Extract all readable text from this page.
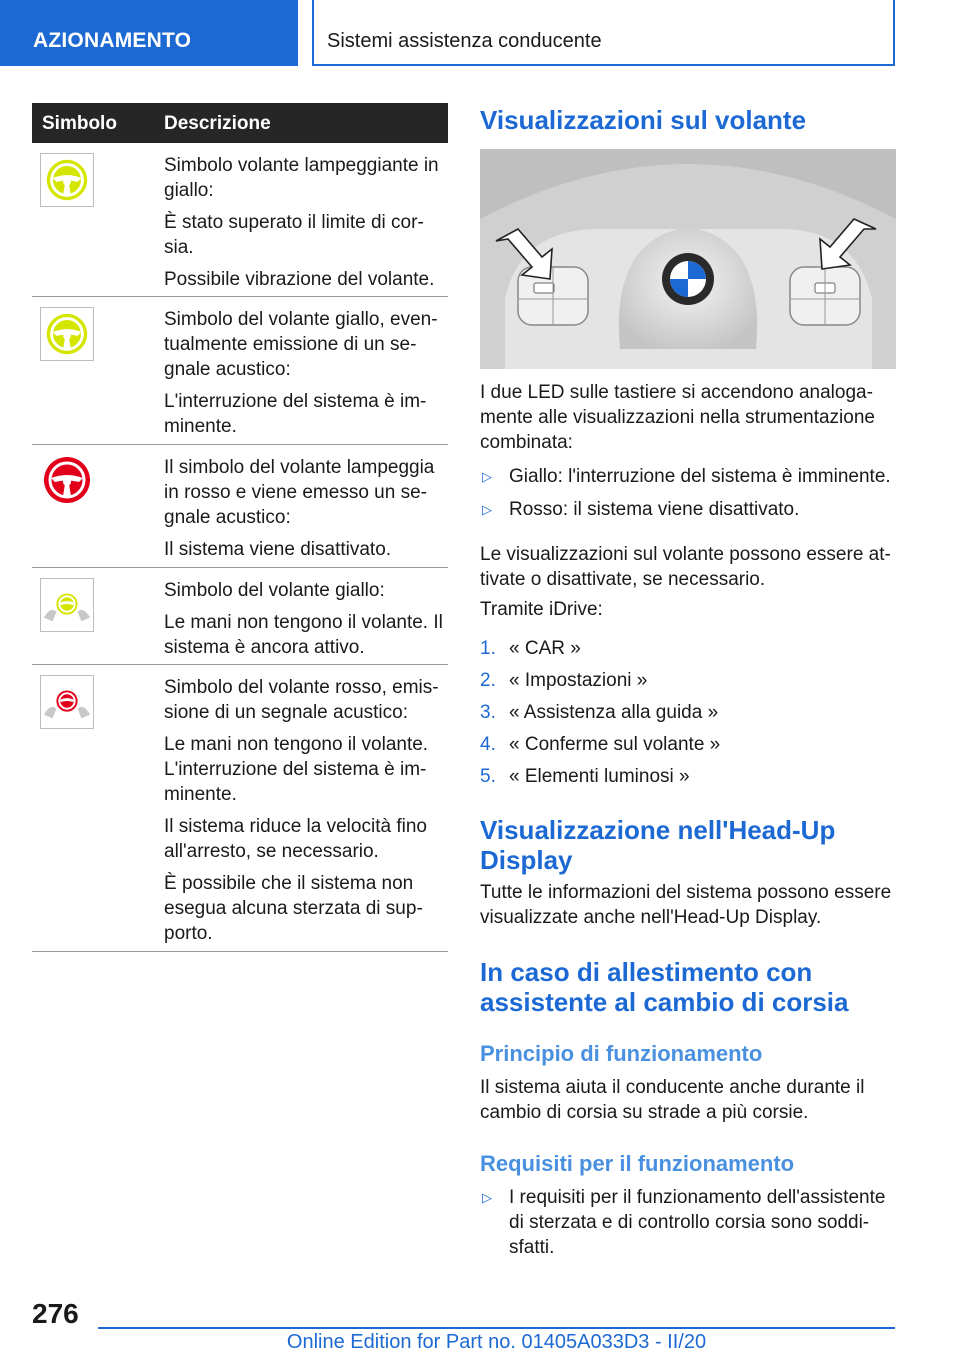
AZIONAMENTO	Sistemi assistenza conducente
Simbolo Descrizione

Simbolo volante lampeggiante in giallo:

È stato superato il limite di cor- sia.

Possibile vibrazione del volante.

Simbolo del volante giallo, even- tualmente emissione di un se- gnale acustico:

L'interruzione del sistema è im- minente.

Il simbolo del volante lampeggia in rosso e viene emesso un se- gnale acustico:

Il sistema viene disattivato.

Simbolo del volante giallo:

Le mani non tengono il volante. Il sistema è ancora attivo.

Simbolo del volante rosso, emis- sione di un segnale acustico:

Le mani non tengono il volante. L'interruzione del sistema è im- minente.

Il sistema riduce la velocità fino all'arresto, se necessario.

È possibile che il sistema non esegua alcuna sterzata di sup- porto.

Visualizzazioni sul volante

I due LED sulle tastiere si accendono analoga- mente alle visualizzazioni nella strumentazione combinata:

▷ Giallo: l'interruzione del sistema è imminente.
▷ Rosso: il sistema viene disattivato.

Le visualizzazioni sul volante possono essere at- tivate o disattivate, se necessario.

Tramite iDrive:

1. « CAR »
2. « Impostazioni »
3. « Assistenza alla guida »
4. « Conferme sul volante »
5. « Elementi luminosi »
Visualizzazione nell'Head-Up Display

Tutte le informazioni del sistema possono essere visualizzate anche nell'Head-Up Display.

In caso di allestimento con assistente al cambio di corsia
Principio di funzionamento

Il sistema aiuta il conducente anche durante il cambio di corsia su strade a più corsie.

Requisiti per il funzionamento
▷ I requisiti per il funzionamento dell'assistente di sterzata e di controllo corsia sono soddi- sfatti.
276
Online Edition for Part no. 01405A033D3 - II/20
